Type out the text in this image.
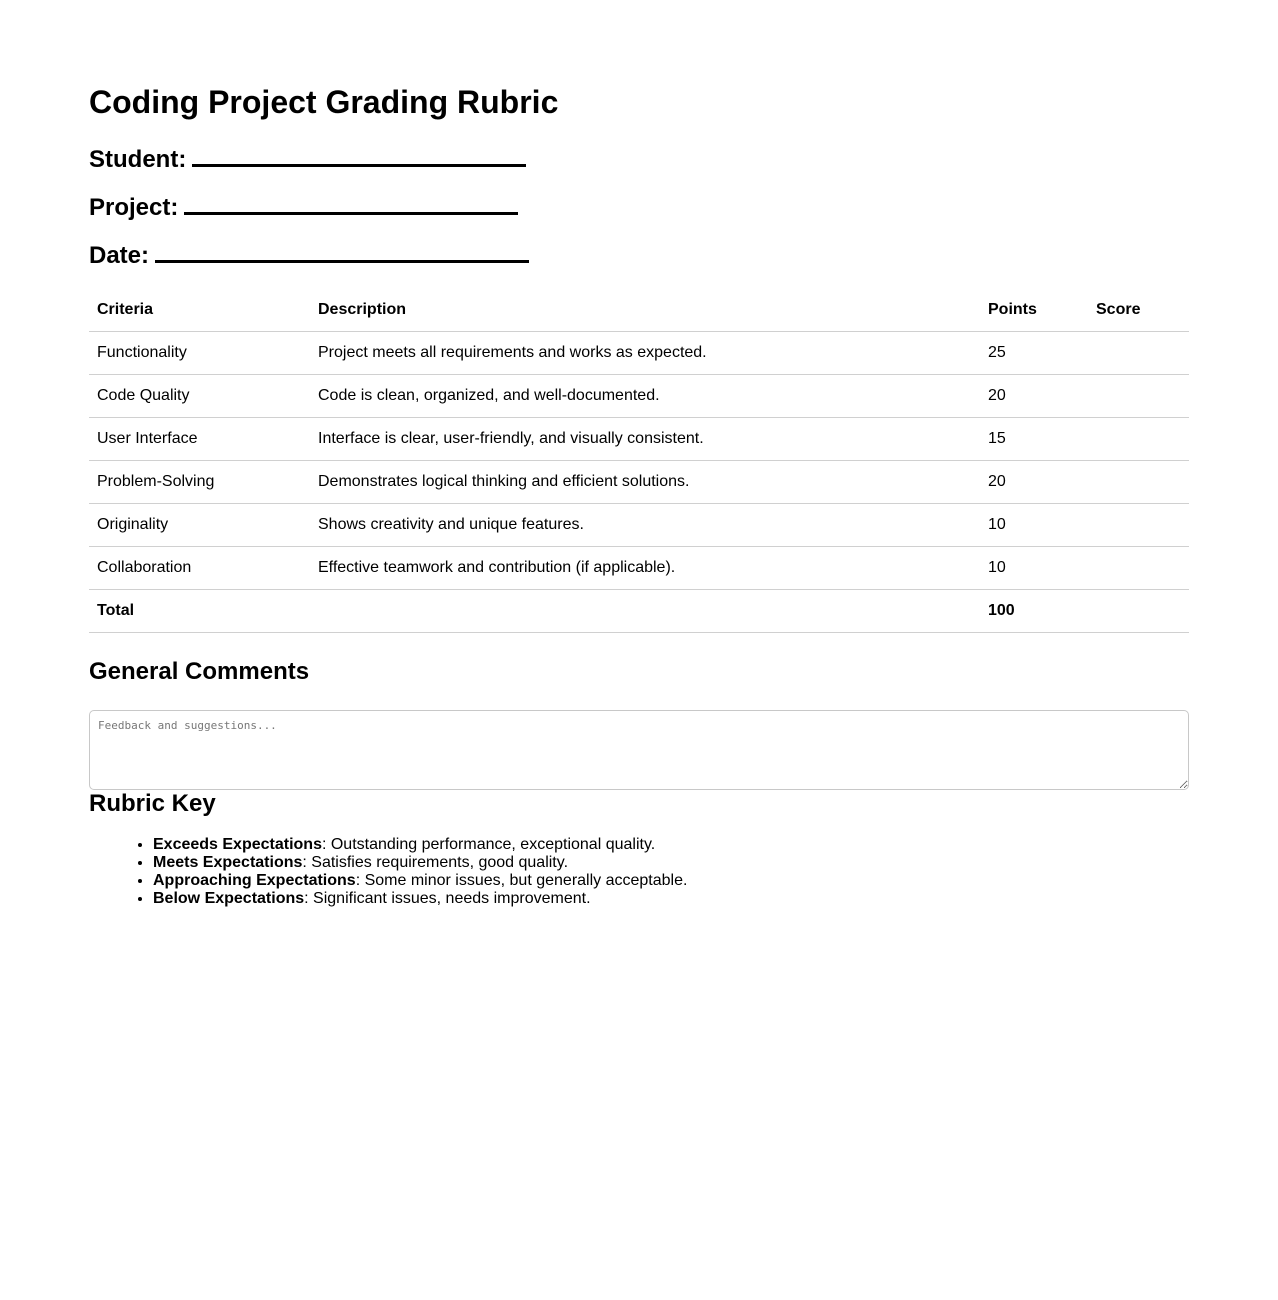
Coding Project Grading Rubric
Student:
Project:
Date:
Criteria	Description	Points	Score
Functionality	Project meets all requirements and works as expected.	25	
Code Quality	Code is clean, organized, and well-documented.	20	
User Interface	Interface is clear, user-friendly, and visually consistent.	15	
Problem-Solving	Demonstrates logical thinking and efficient solutions.	20	
Originality	Shows creativity and unique features.	10	
Collaboration	Effective teamwork and contribution (if applicable).	10	
Total		100	
General Comments
Feedback and suggestions...
Rubric Key
• Exceeds Expectations: Outstanding performance, exceptional quality.
• Meets Expectations: Satisfies requirements, good quality.
• Approaching Expectations: Some minor issues, but generally acceptable.
• Below Expectations: Significant issues, needs improvement.
